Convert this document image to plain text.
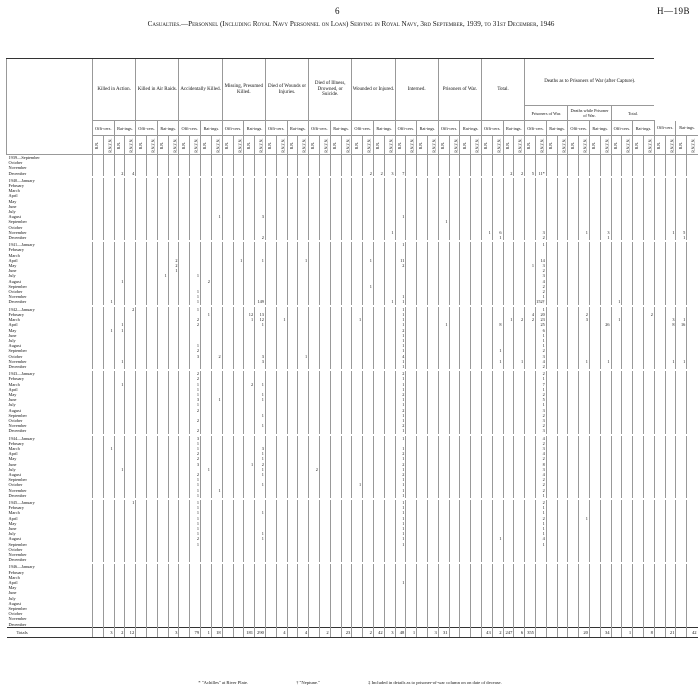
6	H—19B
Casualties.—Personnel (Including Royal Navy Personnel on Loan) Serving in Royal Navy, 3rd September, 1939, to 31st December, 1946
	Killed in Action.				Killed in Air Raids.				Accidentally Killed.				Missing, Presumed Killed.				Died of Wounds or Injuries.				Died of Illness, Drowned, or Suicide.				Wounded or Injured.				Interned.				Prisoners of War.				Total.				Deaths as to Prisoners of War (after Capture).															
																																									Prisoners of War.				Deaths while Prisoner of War.				Total.							
	Offi-cers.		Rat-ings.		Offi-cers.		Rat-ings.		Offi-cers.		Rat-ings.		Offi-cers.		Rat-ings.		Offi-cers.		Rat-ings.		Offi-cers.		Rat-ings.		Offi-cers.		Rat-ings.		Offi-cers.		Rat-ings.		Offi-cers.		Rat-ings.		Offi-cers.		Rat-ings.		Offi-cers.		Rat-ings.		Offi-cers.		Rat-ings.		Offi-cers.		Rat-ings.		Offi-cers.		Rat-ings.	
	R.N.	R.N.Z.N.	R.N.	R.N.Z.N.	R.N.	R.N.Z.N.	R.N.	R.N.Z.N.	R.N.	R.N.Z.N.	R.N.	R.N.Z.N.	R.N.	R.N.Z.N.	R.N.	R.N.Z.N.	R.N.	R.N.Z.N.	R.N.	R.N.Z.N.	R.N.	R.N.Z.N.	R.N.	R.N.Z.N.	R.N.	R.N.Z.N.	R.N.	R.N.Z.N.	R.N.	R.N.Z.N.	R.N.	R.N.Z.N.	R.N.	R.N.Z.N.	R.N.	R.N.Z.N.	R.N.	R.N.Z.N.	R.N.	R.N.Z.N.	R.N.	R.N.Z.N.	R.N.	R.N.Z.N.	R.N.	R.N.Z.N.	R.N.	R.N.Z.N.	R.N.	R.N.Z.N.	R.N.	R.N.Z.N.	R.N.	R.N.Z.N.	R.N.	R.N.Z.N.
1939—September																																																								
October																																																								
November																																																								
December			2	4																						2	2	3	7										2	2	5	11*														

1940—January																																																								
February																																																								
March																																																								
April																																																								
May																																																								
June																																																								
July																																																								
August												1				3													1																											
September																																	1																							
October																																																								
November																												1									1	6				3				1		3						1	5	
December																2																						1				2						1							1	

1941—January																													1													1														
February																																																								
March																																																								
April								2						1		1				1						1			11													14														
May								2																					2												1	3														
June								1																																		2														
July							1			1																																3														
August			1								2																															4														
September																										1																2														
October										1																																2														
November										1																			1													1														
December		1								1						149												1	1													152†							1							

1942—January				2						1																			1													1														
February											1				12	13													1												4	20				2						2				
March										2					1	12		1							1				1										1	2	2	23				3			1					3	1	
April			1							2						1													1				1					8				25						26						8	16	
May		1	1																										2													6														
June																													1													1														
July																													1													1														
August										1																			1													1														
September										2																			1									1				2														
October										3		2				3				1									4													3														
November			1													3													1									1		1		4				1		1						1	1	
December																													1													2														

1943—January										2																			2													2														
February										2																			1													1														
March			1							1					2	1													1													7														
April										1																			1													1														
May										1						1													2													2														
June										3		1				1													1													5														
July										1																			1													1														
August										2																			2													3														
September																1													1													2														
October										2																			1													3														
November																1													2													2														
December										2																			1													3														

1944—January										3																			1													4														
February										1																																2														
March		1								1						3													1													3														
April										2						1													2													4														
May										2						1													1													2														
June										3					1	2													2													8														
July			1								1					1					2								1													3														
August										2						1													2													4														
September										1																			1													2														
October										1						1									1				1													2														
November										1		1																	1													2														
December										1																			1													1														

1945—January				1						1																			1													2														
February										1																			1													1														
March										1						1													1													1														
April										1																			1													2				1										
May										1																			1													1														
June										1																			1													1														
July										1						1													1													1														
August										2						1													1									1				4														
September										1																			1													1														
October																																																								
November																																																								
December																																																								

1946—January																																																								
February																																																								
March																																																								
April																													1																											
May																																																								
June																																																								
July																																																								
August																																																								
September																																																								
October																																																								
November																																																								
December																																																								
Totals		3	2	12				3		79	1	18			181	290		4		4		2		23		2	42	3	48	1		3	31				43	2	247	6	355					20		34		1		8		21		42
* "Achilles" at River Plate.	† "Neptune."	‡ Included in details as to prisoner-of-war column on on date of decease.
